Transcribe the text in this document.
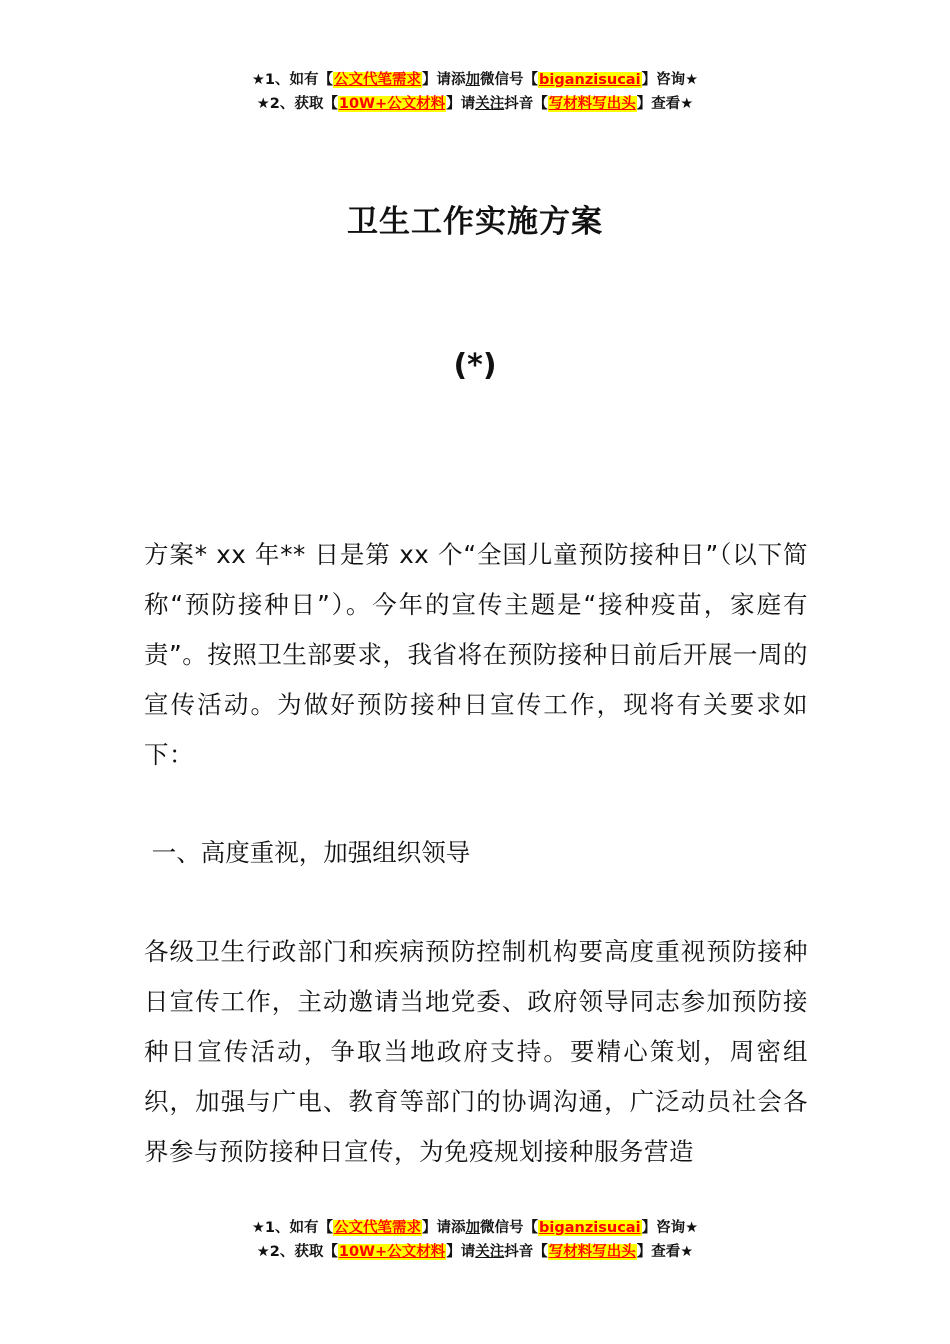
★1、如有【公文代笔需求】请添加微信号【biganzisucai】咨询★
★2、获取【10W+公文材料】请关注抖音【写材料写出头】查看★
卫生工作实施方案
(*)
方案* xx 年** 日是第 xx 个“全国儿童预防接种日”（以下简称“预防接种日”）。今年的宣传主题是“接种疫苗，家庭有责”。按照卫生部要求，我省将在预防接种日前后开展一周的宣传活动。为做好预防接种日宣传工作，现将有关要求如下：
一、高度重视，加强组织领导
各级卫生行政部门和疾病预防控制机构要高度重视预防接种日宣传工作，主动邀请当地党委、政府领导同志参加预防接种日宣传活动，争取当地政府支持。要精心策划，周密组织，加强与广电、教育等部门的协调沟通，广泛动员社会各界参与预防接种日宣传，为免疫规划接种服务营造
★1、如有【公文代笔需求】请添加微信号【biganzisucai】咨询★
★2、获取【10W+公文材料】请关注抖音【写材料写出头】查看★
